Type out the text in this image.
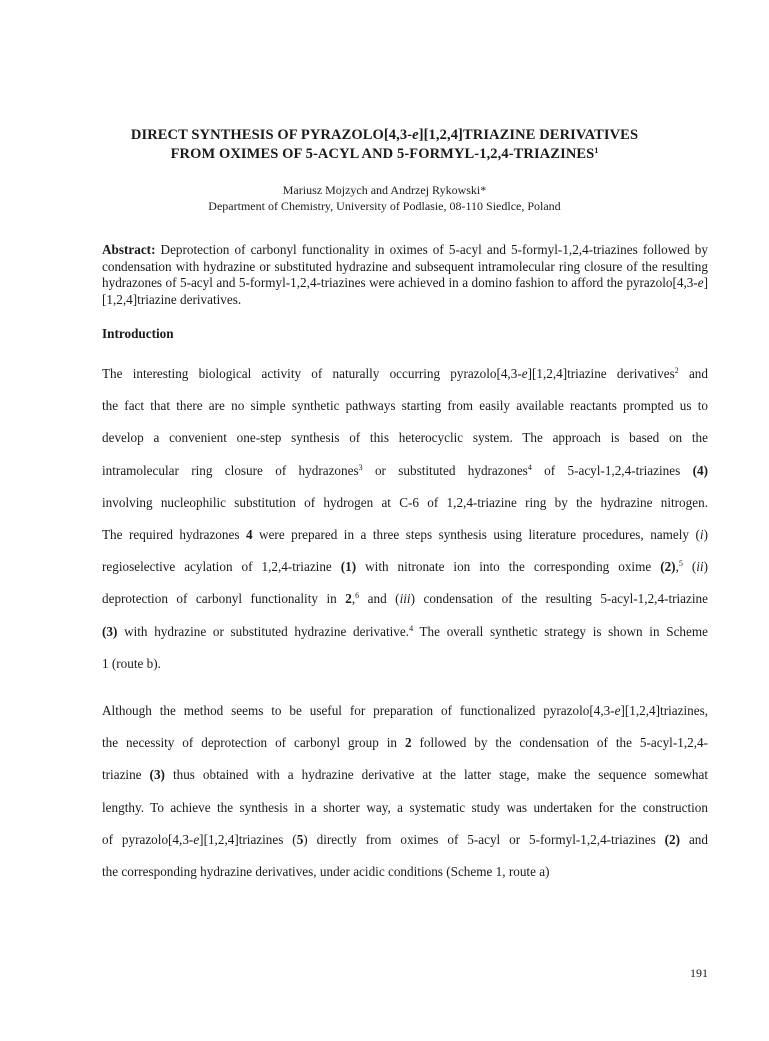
DIRECT SYNTHESIS OF PYRAZOLO[4,3-e][1,2,4]TRIAZINE DERIVATIVES
FROM OXIMES OF 5-ACYL AND 5-FORMYL-1,2,4-TRIAZINES$^1$
Mariusz Mojzych and Andrzej Rykowski*
Department of Chemistry, University of Podlasie, 08-110 Siedlce, Poland
Abstract: Deprotection of carbonyl functionality in oximes of 5-acyl and 5-formyl-1,2,4-triazines followed by condensation with hydrazine or substituted hydrazine and subsequent intramolecular ring closure of the resulting hydrazones of 5-acyl and 5-formyl-1,2,4-triazines were achieved in a domino fashion to afford the pyrazolo[4,3-e][1,2,4]triazine derivatives.
Introduction
The interesting biological activity of naturally occurring pyrazolo[4,3-e][1,2,4]triazine derivatives$^2$ and
the fact that there are no simple synthetic pathways starting from easily available reactants prompted us to
develop a convenient one-step synthesis of this heterocyclic system. The approach is based on the
intramolecular ring closure of hydrazones$^3$ or substituted hydrazones$^4$ of 5-acyl-1,2,4-triazines (4)
involving nucleophilic substitution of hydrogen at C-6 of 1,2,4-triazine ring by the hydrazine nitrogen.
The required hydrazones 4 were prepared in a three steps synthesis using literature procedures, namely (i)
regioselective acylation of 1,2,4-triazine (1) with nitronate ion into the corresponding oxime (2),$^5$ (ii)
deprotection of carbonyl functionality in 2,$^6$ and (iii) condensation of the resulting 5-acyl-1,2,4-triazine
(3) with hydrazine or substituted hydrazine derivative.$^4$ The overall synthetic strategy is shown in Scheme
1 (route b).
Although the method seems to be useful for preparation of functionalized pyrazolo[4,3-e][1,2,4]triazines,
the necessity of deprotection of carbonyl group in 2 followed by the condensation of the 5-acyl-1,2,4-
triazine (3) thus obtained with a hydrazine derivative at the latter stage, make the sequence somewhat
lengthy. To achieve the synthesis in a shorter way, a systematic study was undertaken for the construction
of pyrazolo[4,3-e][1,2,4]triazines (5) directly from oximes of 5-acyl or 5-formyl-1,2,4-triazines (2) and
the corresponding hydrazine derivatives, under acidic conditions (Scheme 1, route a)
191
